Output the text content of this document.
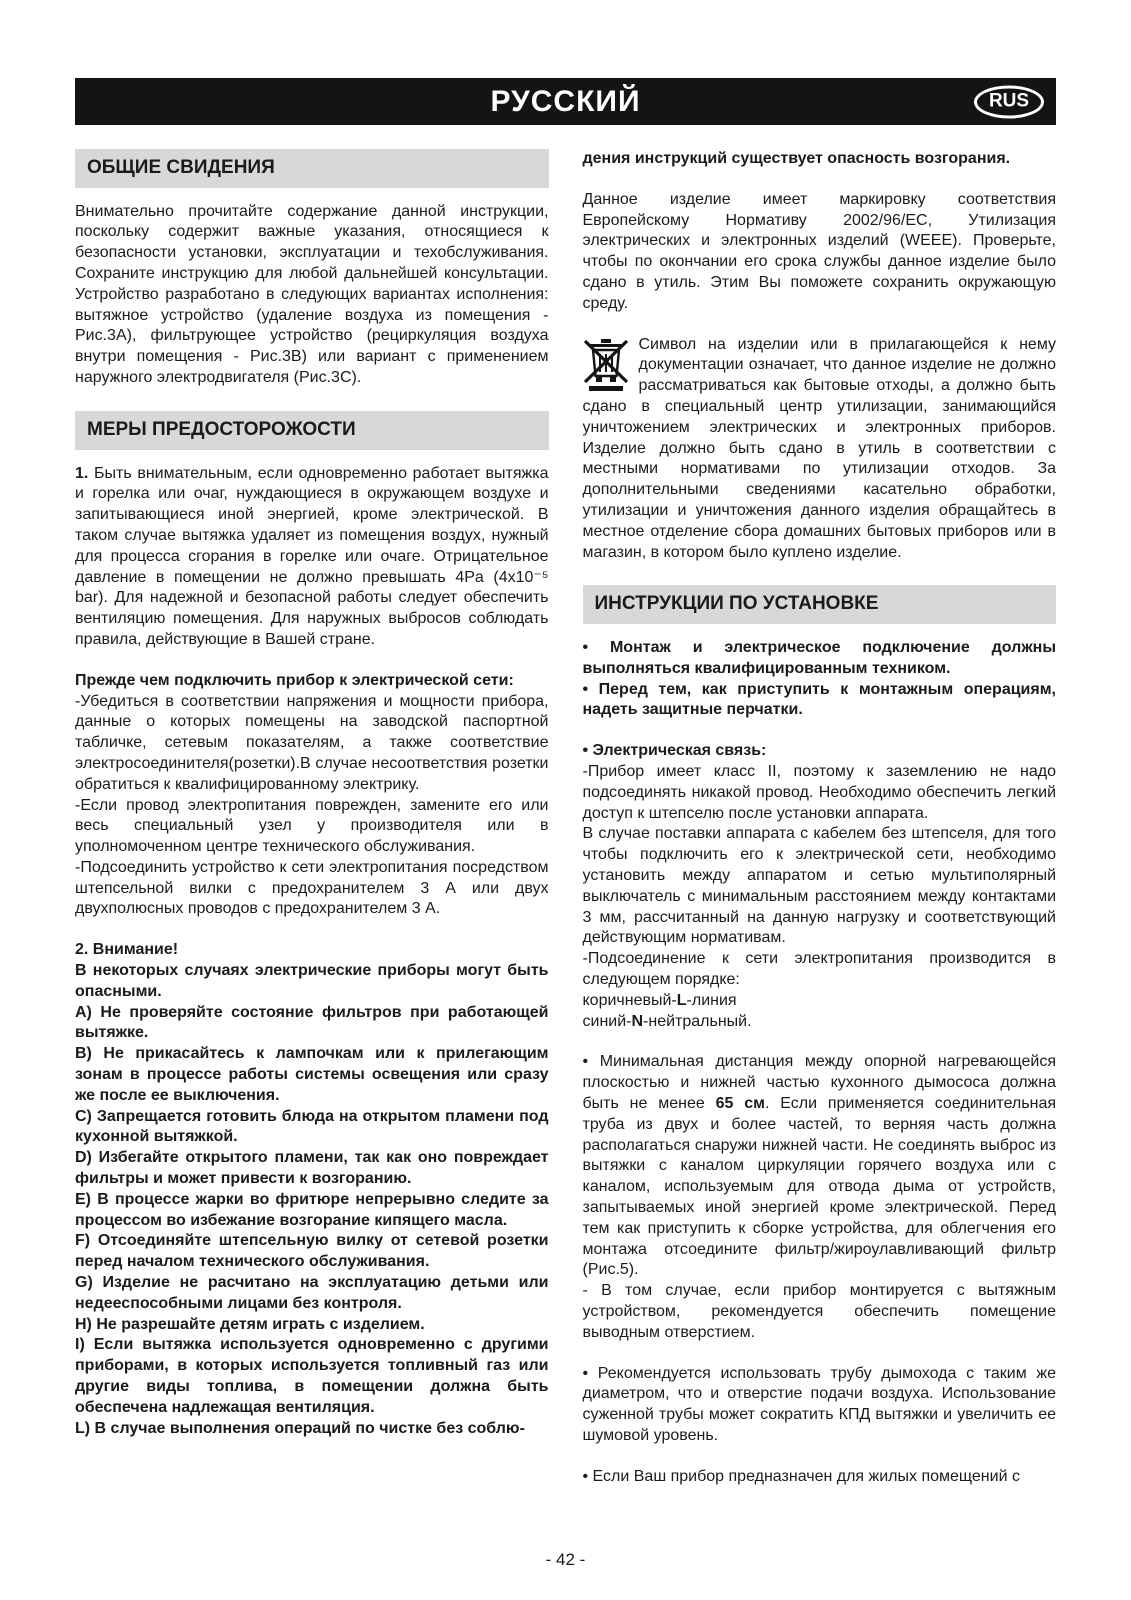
РУССКИЙ	RUS
ОБЩИЕ СВИДЕНИЯ

Внимательно прочитайте содержание данной инструкции, поскольку содержит важные указания, относящиеся к безопасности установки, эксплуатации и техобслуживания. Сохраните инструкцию для любой дальнейшей консультации. Устройство разработано в следующих вариантах исполнения: вытяжное устройство (удаление воздуха из помещения - Рис.3А), фильтрующее устройство (рециркуляция воздуха внутри помещения - Рис.3В) или вариант с применением наружного электродвигателя (Рис.3С).

МЕРЫ ПРЕДОСТОРОЖОСТИ

1. Быть внимательным, если одновременно работает вытяжка и горелка или очаг, нуждающиеся в окружающем воздухе и запитывающиеся иной энергией, кроме электрической. В таком случае вытяжка удаляет из помещения воздух, нужный для процесса сгорания в горелке или очаге. Отрицательное давление в помещении не должно превышать 4Pa (4x10⁻⁵ bar). Для надежной и безопасной работы следует обеспечить вентиляцию помещения. Для наружных выбросов соблюдать правила, действующие в Вашей стране.

Прежде чем подключить прибор к электрической сети:

-Убедиться в соответствии напряжения и мощности прибора, данные о которых помещены на заводской паспортной табличке, сетевым показателям, а также соответствие электросоединителя(розетки).В случае несоответствия розетки обратиться к квалифицированному электрику.

-Если провод электропитания поврежден, замените его или весь специальный узел у производителя или в уполномоченном центре технического обслуживания.

-Подсоединить устройство к сети электропитания посредством штепсельной вилки с предохранителем 3 А или двух двухполюсных проводов с предохранителем 3 А.

2. Внимание!

В некоторых случаях электрические приборы могут быть опасными.

A) Не проверяйте состояние фильтров при работающей вытяжке.

B) Не прикасайтесь к лампочкам или к прилегающим зонам в процессе работы системы освещения или сразу же после ее выключения.

C) Запрещается готовить блюда на открытом пламени под кухонной вытяжкой.

D) Избегайте открытого пламени, так как оно повреждает фильтры и может привести к возгоранию.

E) В процессе жарки во фритюре непрерывно следите за процессом во избежание возгорание кипящего масла.

F) Отсоединяйте штепсельную вилку от сетевой розетки перед началом технического обслуживания.

G) Изделие не расчитано на эксплуатацию детьми или недееспособными лицами без контроля.

H) Не разрешайте детям играть с изделием.

I) Если вытяжка используется одновременно с другими приборами, в которых используется топливный газ или другие виды топлива, в помещении должна быть обеспечена надлежащая вентиляция.

L) В случае выполнения операций по чистке без соблю-

дения инструкций существует опасность возгорания.

Данное изделие имеет маркировку соответствия Европейскому Нормативу 2002/96/EC, Утилизация электрических и электронных изделий (WEEE). Проверьте, чтобы по окончании его срока службы данное изделие было сдано в утиль. Этим Вы поможете сохранить окружающую среду.

Символ на изделии или в прилагающейся к нему документации означает, что данное изделие не должно рассматриваться как бытовые отходы, а должно быть сдано в специальный центр утилизации, занимающийся уничтожением электрических и электронных приборов. Изделие должно быть сдано в утиль в соответствии с местными нормативами по утилизации отходов. За дополнительными сведениями касательно обработки, утилизации и уничтожения данного изделия обращайтесь в местное отделение сбора домашних бытовых приборов или в магазин, в котором было куплено изделие.

ИНСТРУКЦИИ ПО УСТАНОВКЕ

• Монтаж и электрическое подключение должны выполняться квалифицированным техником.

• Перед тем, как приступить к монтажным операциям, надеть защитные перчатки.

• Электрическая связь:

-Прибор имеет класс II, поэтому к заземлению не надо подсоединять никакой провод. Необходимо обеспечить легкий доступ к штепселю после установки аппарата.

В случае поставки аппарата с кабелем без штепселя, для того чтобы подключить его к электрической сети, необходимо установить между аппаратом и сетью мультиполярный выключатель с минимальным расстоянием между контактами 3 мм, рассчитанный на данную нагрузку и соответствующий действующим нормативам.

-Подсоединение к сети электропитания производится в следующем порядке:

коричневый-L-линия

синий-N-нейтральный.

• Минимальная дистанция между опорной нагревающейся плоскостью и нижней частью кухонного дымососа должна быть не менее 65 см. Если применяется соединительная труба из двух и более частей, то верняя часть должна располагаться снаружи нижней части. Не соединять выброс из вытяжки с каналом циркуляции горячего воздуха или с каналом, используемым для отвода дыма от устройств, запытываемых иной энергией кроме электрической. Перед тем как приступить к сборке устройства, для облегчения его монтажа отсоедините фильтр/жироулавливающий фильтр (Рис.5).

- В том случае, если прибор монтируется с вытяжным устройством, рекомендуется обеспечить помещение выводным отверстием.

• Рекомендуется использовать трубу дымохода с таким же диаметром, что и отверстие подачи воздуха. Использование суженной трубы может сократить КПД вытяжки и увеличить ее шумовой уровень.

• Если Ваш прибор предназначен для жилых помещений с

- 42 -
